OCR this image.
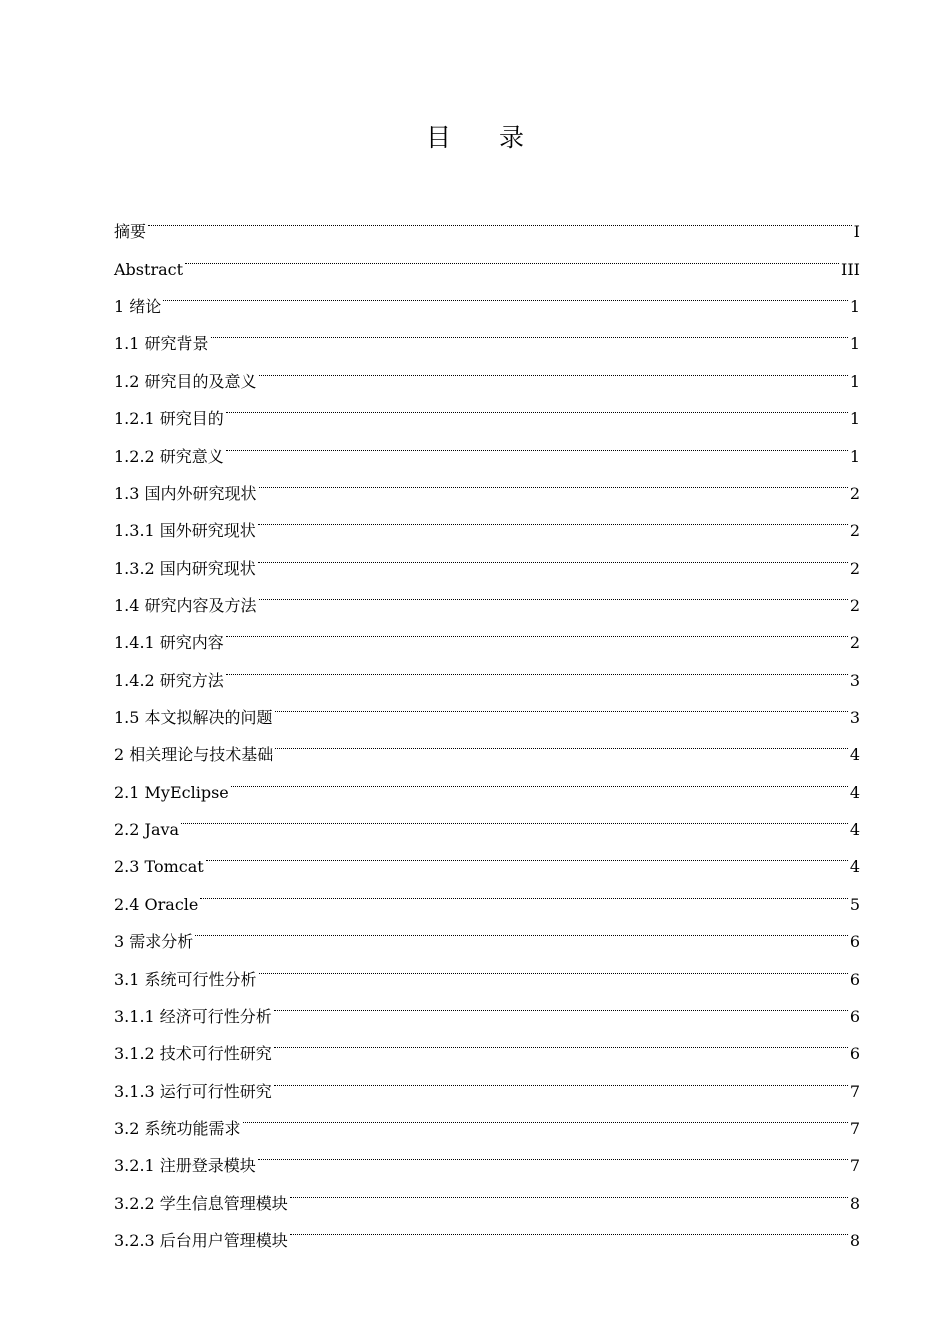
目 录
摘要	I
Abstract	III
1 绪论	1
1.1 研究背景	1
1.2 研究目的及意义	1
1.2.1 研究目的	1
1.2.2 研究意义	1
1.3 国内外研究现状	2
1.3.1 国外研究现状	2
1.3.2 国内研究现状	2
1.4 研究内容及方法	2
1.4.1 研究内容	2
1.4.2 研究方法	3
1.5 本文拟解决的问题	3
2 相关理论与技术基础	4
2.1 MyEclipse	4
2.2 Java	4
2.3 Tomcat	4
2.4 Oracle	5
3 需求分析	6
3.1 系统可行性分析	6
3.1.1 经济可行性分析	6
3.1.2 技术可行性研究	6
3.1.3 运行可行性研究	7
3.2 系统功能需求	7
3.2.1 注册登录模块	7
3.2.2 学生信息管理模块	8
3.2.3 后台用户管理模块	8
